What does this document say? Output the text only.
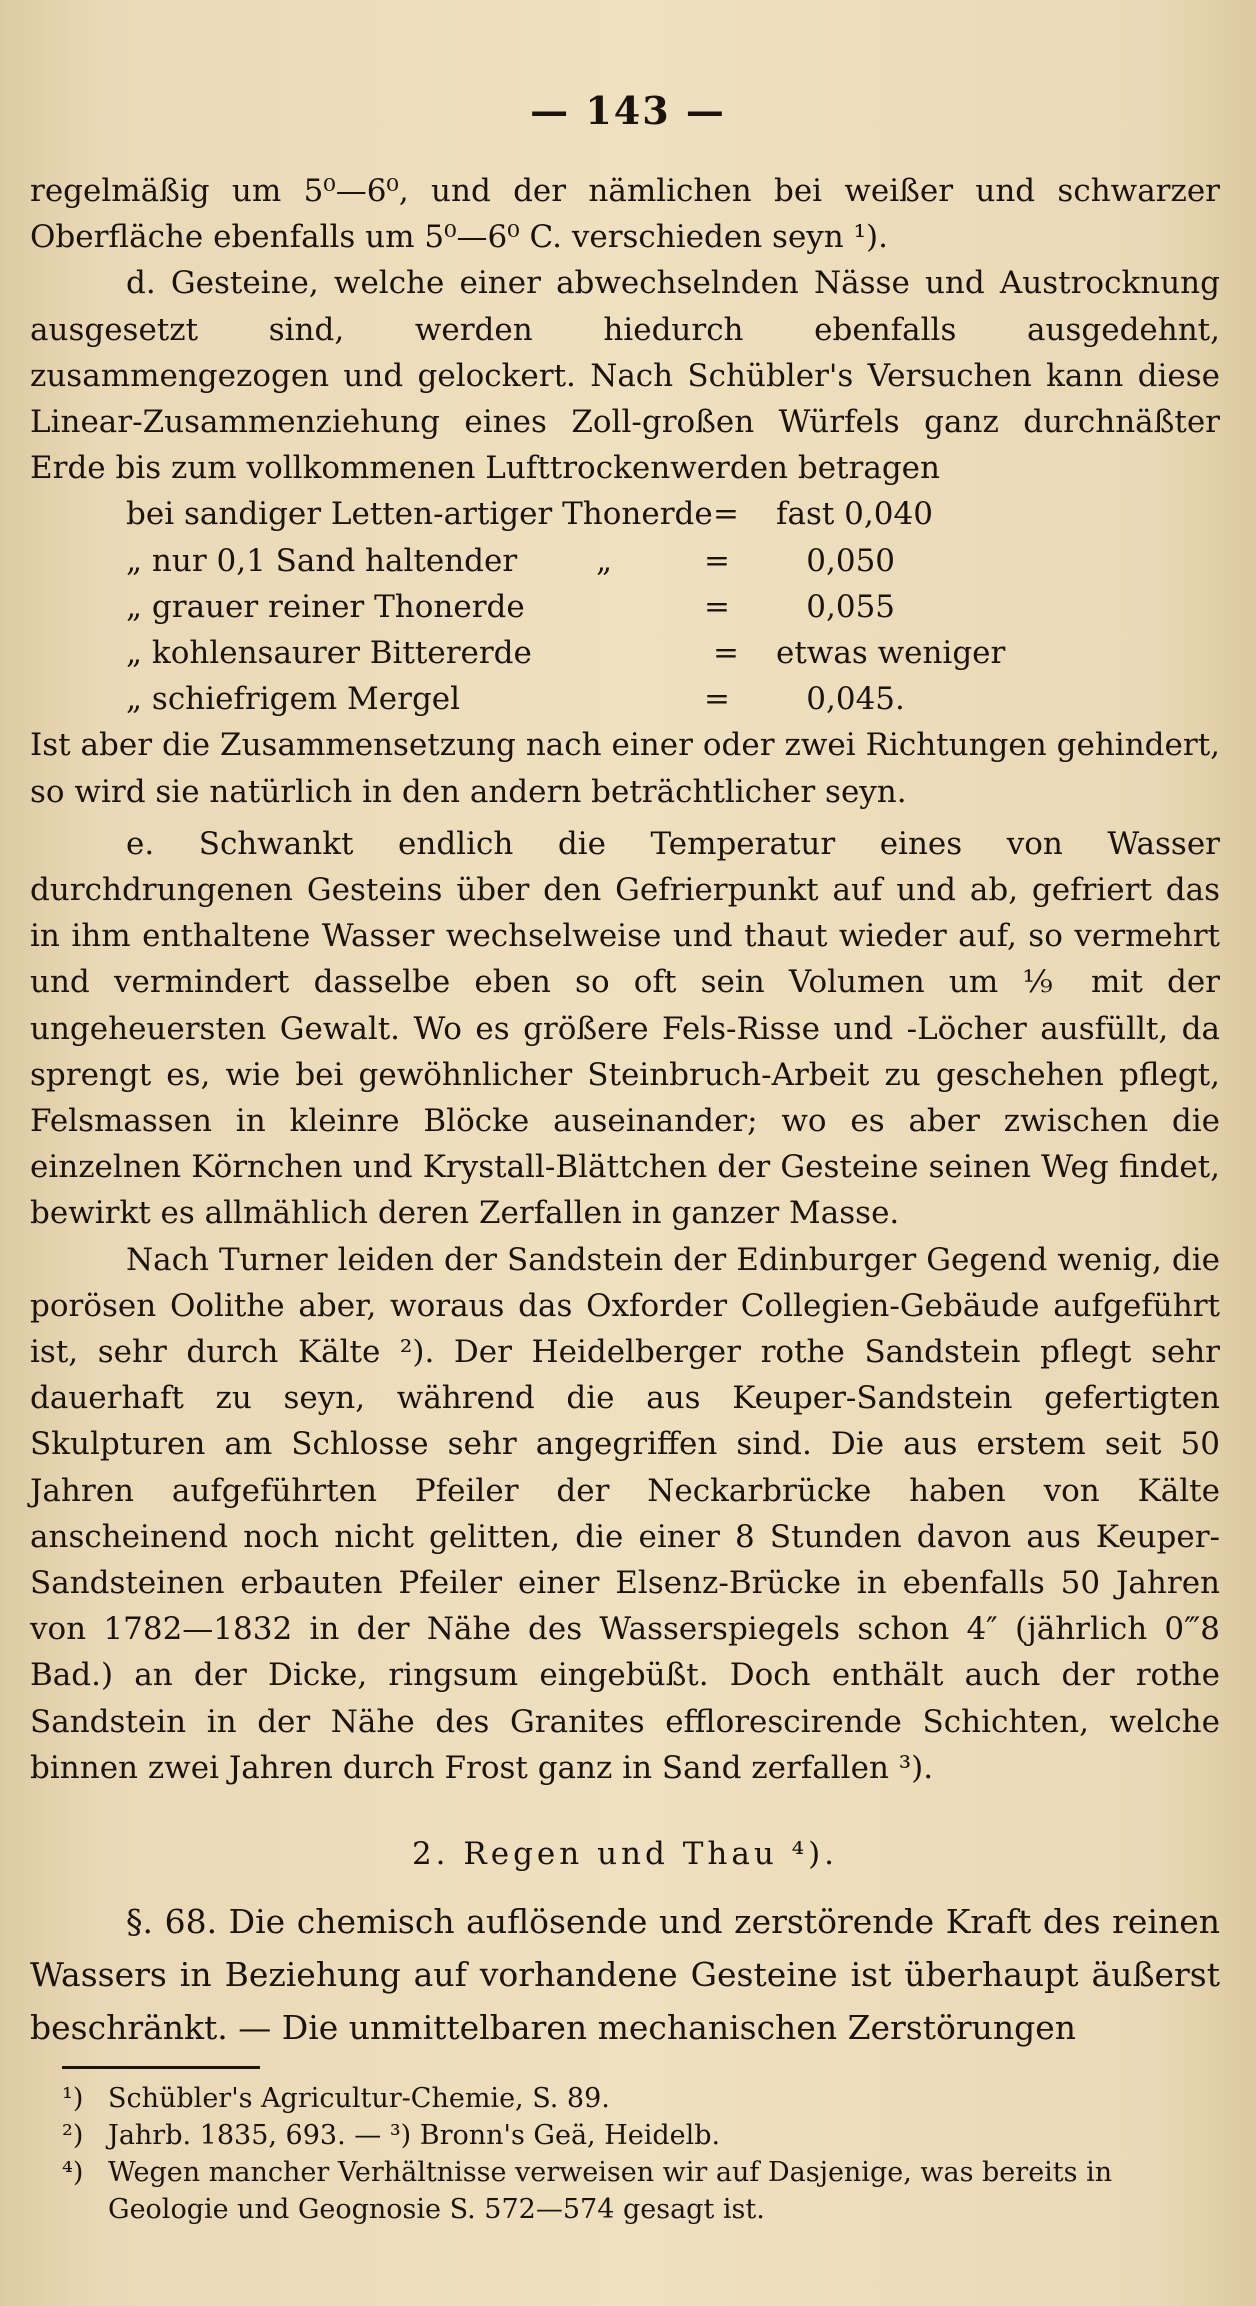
— 143 —

regelmäßig um 5⁰—6⁰, und der nämlichen bei weißer und schwarzer Oberfläche ebenfalls um 5⁰—6⁰ C. verschieden seyn ¹).

d. Gesteine, welche einer abwechselnden Nässe und Austrocknung ausgesetzt sind, werden hiedurch ebenfalls ausgedehnt, zusammengezogen und gelockert. Nach Schübler's Versuchen kann diese Linear-Zusammenziehung eines Zoll-großen Würfels ganz durchnäßter Erde bis zum vollkommenen Lufttrockenwerden betragen

bei sandiger Letten-artiger Thonerde =	fast 0,040
„ nur 0,1 Sand haltender        „	=	0,050
„ grauer reiner Thonerde	=	0,055
„ kohlensaurer Bittererde	=	etwas weniger
„ schiefrigem Mergel	=	0,045.

Ist aber die Zusammensetzung nach einer oder zwei Richtungen gehindert, so wird sie natürlich in den andern beträchtlicher seyn.

e. Schwankt endlich die Temperatur eines von Wasser durchdrungenen Gesteins über den Gefrierpunkt auf und ab, gefriert das in ihm enthaltene Wasser wechselweise und thaut wieder auf, so vermehrt und vermindert dasselbe eben so oft sein Volumen um ⅑ mit der ungeheuersten Gewalt. Wo es größere Fels-Risse und -Löcher ausfüllt, da sprengt es, wie bei gewöhnlicher Steinbruch-Arbeit zu geschehen pflegt, Felsmassen in kleinre Blöcke auseinander; wo es aber zwischen die einzelnen Körnchen und Krystall-Blättchen der Gesteine seinen Weg findet, bewirkt es allmählich deren Zerfallen in ganzer Masse.

Nach Turner leiden der Sandstein der Edinburger Gegend wenig, die porösen Oolithe aber, woraus das Oxforder Collegien-Gebäude aufgeführt ist, sehr durch Kälte ²). Der Heidelberger rothe Sandstein pflegt sehr dauerhaft zu seyn, während die aus Keuper-Sandstein gefertigten Skulpturen am Schlosse sehr angegriffen sind. Die aus erstem seit 50 Jahren aufgeführten Pfeiler der Neckarbrücke haben von Kälte anscheinend noch nicht gelitten, die einer 8 Stunden davon aus Keuper-Sandsteinen erbauten Pfeiler einer Elsenz-Brücke in ebenfalls 50 Jahren von 1782—1832 in der Nähe des Wasserspiegels schon 4″ (jährlich 0‴8 Bad.) an der Dicke, ringsum eingebüßt. Doch enthält auch der rothe Sandstein in der Nähe des Granites efflorescirende Schichten, welche binnen zwei Jahren durch Frost ganz in Sand zerfallen ³).

2. Regen und Thau ⁴).

§. 68. Die chemisch auflösende und zerstörende Kraft des reinen Wassers in Beziehung auf vorhandene Gesteine ist überhaupt äußerst beschränkt. — Die unmittelbaren mechanischen Zerstörungen

¹) Schübler's Agricultur-Chemie, S. 89.
²) Jahrb. 1835, 693. — ³) Bronn's Geä, Heidelb.
⁴) Wegen mancher Verhältnisse verweisen wir auf Dasjenige, was bereits in Geologie und Geognosie S. 572—574 gesagt ist.
